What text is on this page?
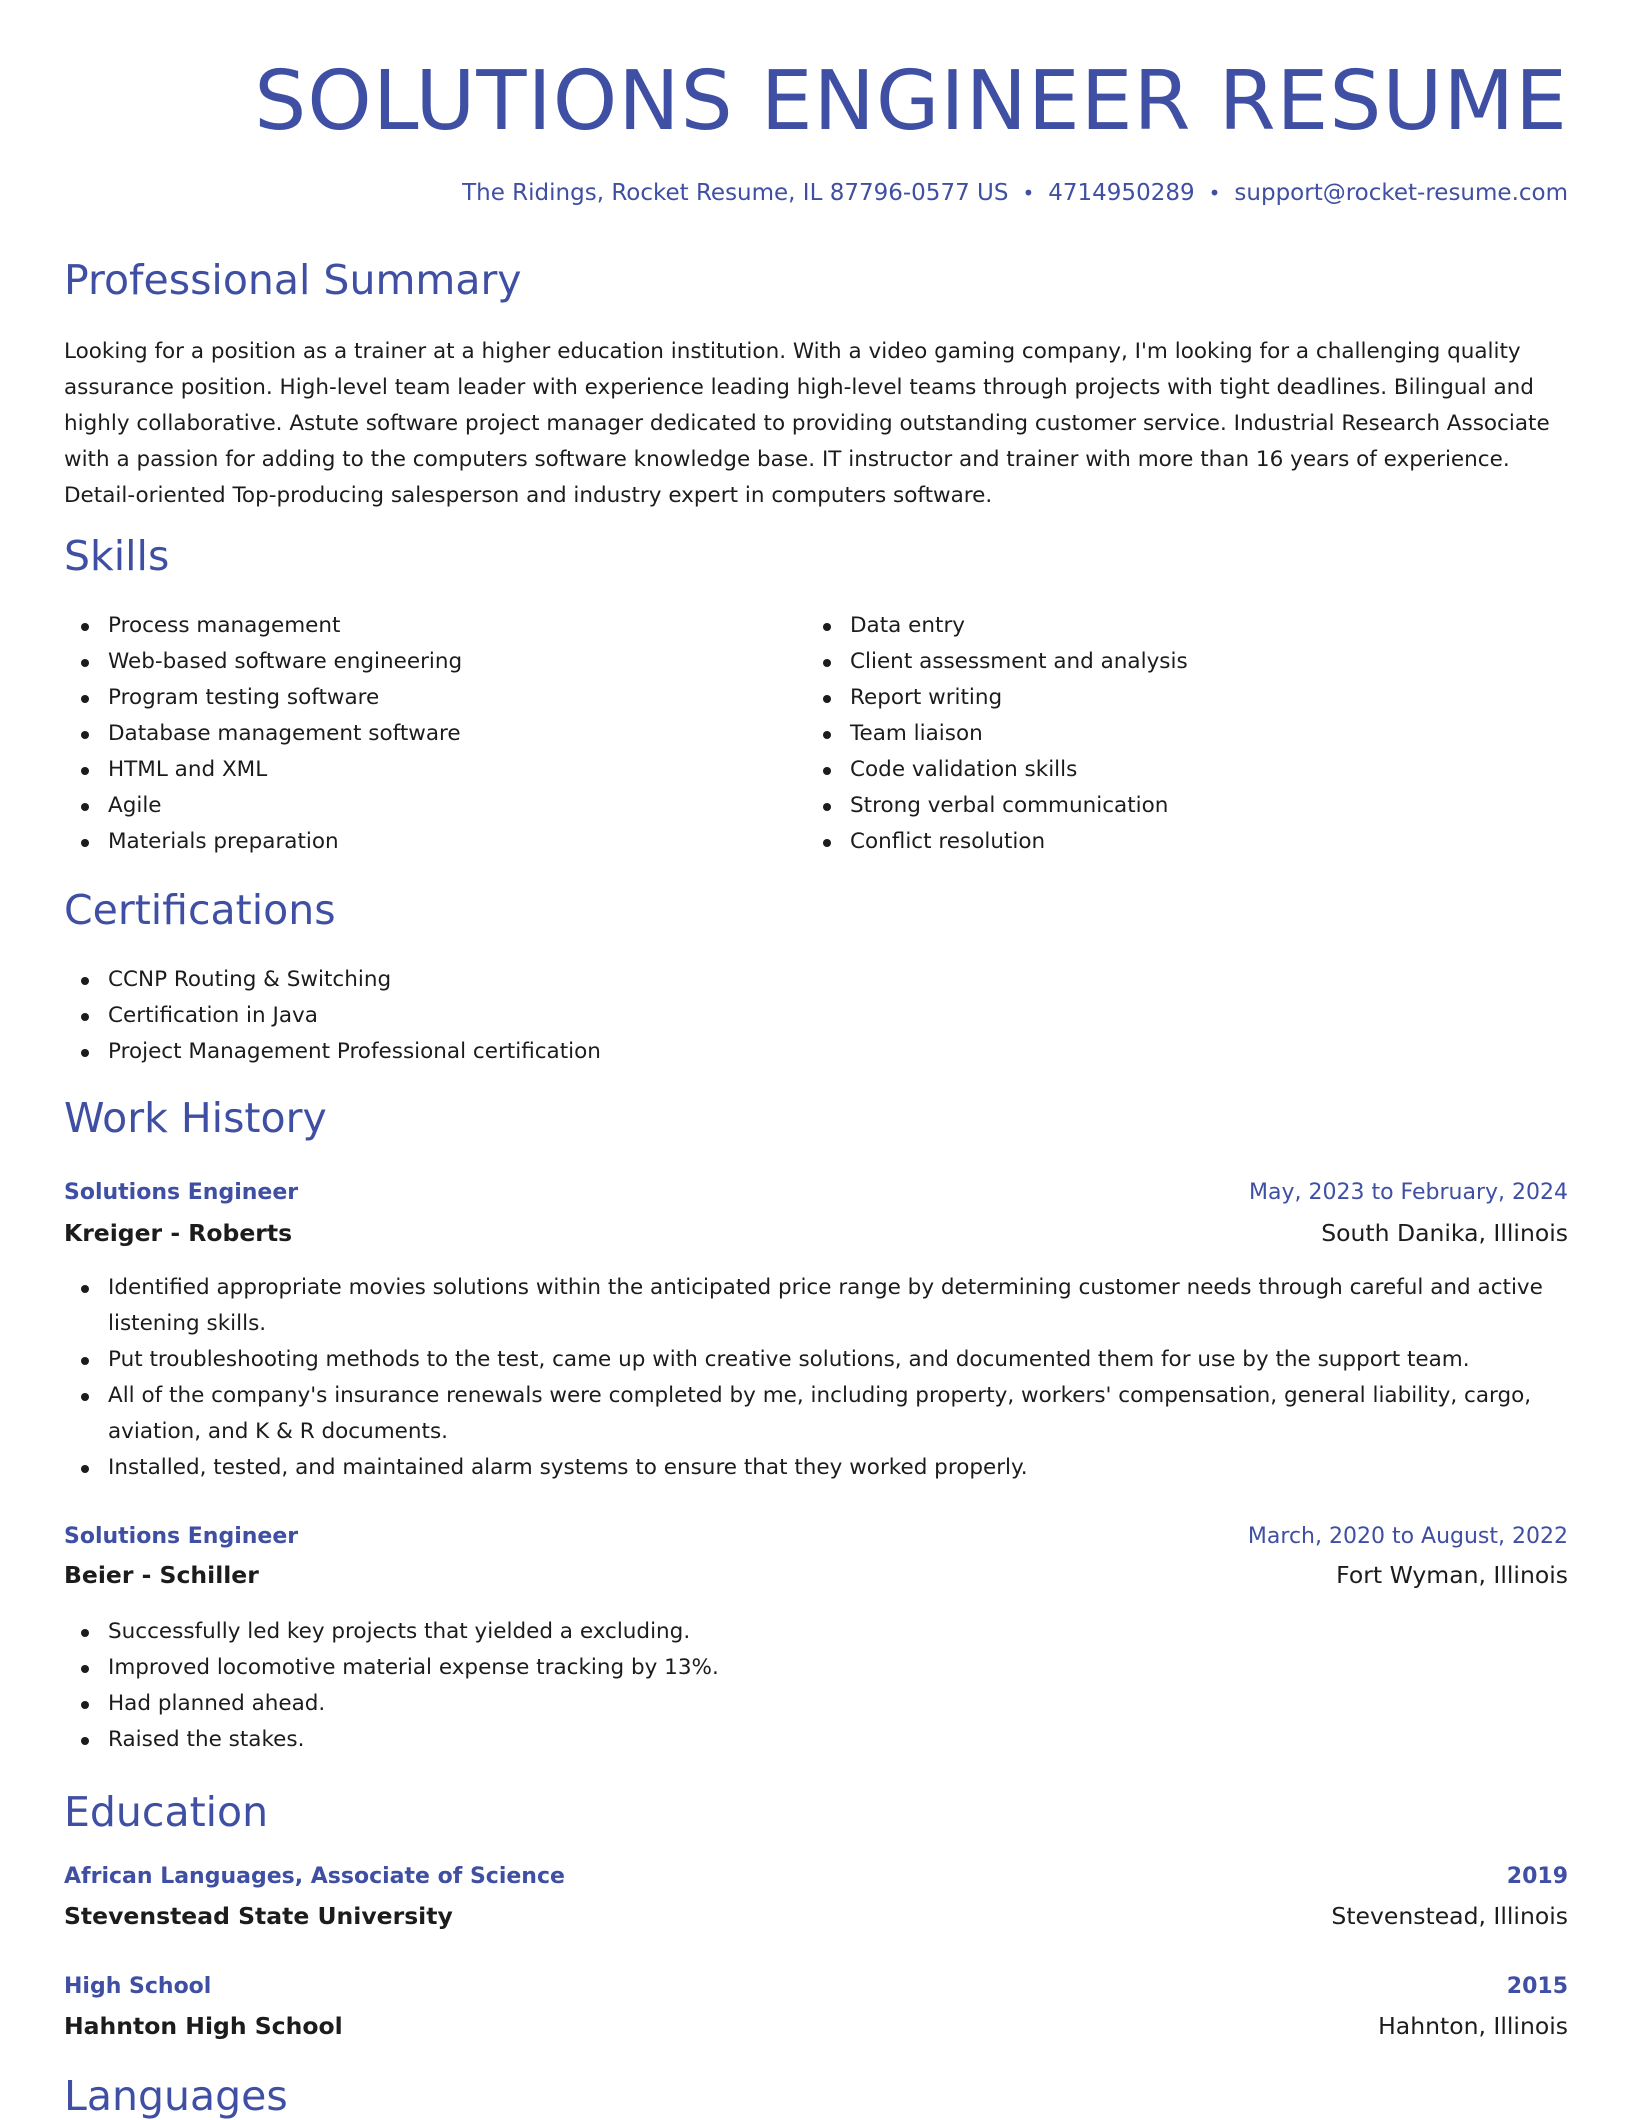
SOLUTIONS ENGINEER RESUME
The Ridings, Rocket Resume, IL 87796-0577 US • 4714950289 • support@rocket-resume.com
Professional Summary

Looking for a position as a trainer at a higher education institution. With a video gaming company, I'm looking for a challenging quality assurance position. High-level team leader with experience leading high-level teams through projects with tight deadlines. Bilingual and highly collaborative. Astute software project manager dedicated to providing outstanding customer service. Industrial Research Associate with a passion for adding to the computers software knowledge base. IT instructor and trainer with more than 16 years of experience. Detail-oriented Top-producing salesperson and industry expert in computers software.

Skills
Process management
Web-based software engineering
Program testing software
Database management software
HTML and XML
Agile
Materials preparation
Data entry
Client assessment and analysis
Report writing
Team liaison
Code validation skills
Strong verbal communication
Conflict resolution
Certifications
CCNP Routing & Switching
Certification in Java
Project Management Professional certification
Work History
Solutions Engineer	May, 2023 to February, 2024
Kreiger - Roberts	South Danika, Illinois
Identified appropriate movies solutions within the anticipated price range by determining customer needs through careful and active listening skills.
Put troubleshooting methods to the test, came up with creative solutions, and documented them for use by the support team.
All of the company's insurance renewals were completed by me, including property, workers' compensation, general liability, cargo, aviation, and K & R documents.
Installed, tested, and maintained alarm systems to ensure that they worked properly.
Solutions Engineer	March, 2020 to August, 2022
Beier - Schiller	Fort Wyman, Illinois
Successfully led key projects that yielded a excluding.
Improved locomotive material expense tracking by 13%.
Had planned ahead.
Raised the stakes.
Education
African Languages, Associate of Science	2019
Stevenstead State University	Stevenstead, Illinois
High School	2015
Hahnton High School	Hahnton, Illinois
Languages
